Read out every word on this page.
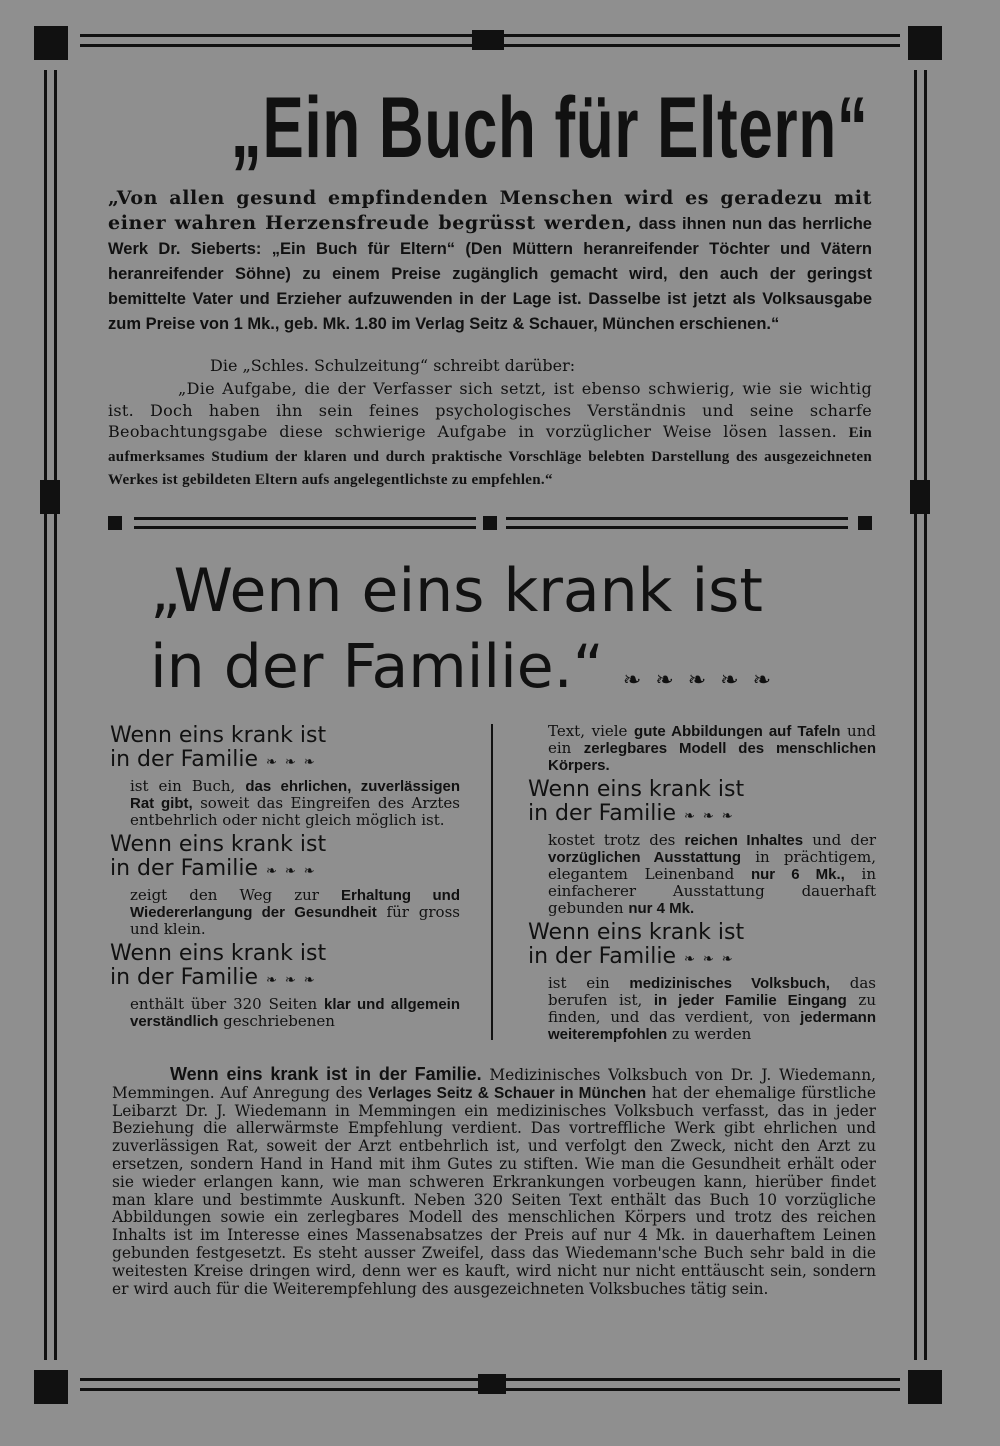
„Ein Buch für Eltern“
„Von allen gesund empfindenden Menschen wird es geradezu mit einer wahren Herzensfreude begrüsst werden, dass ihnen nun das herrliche Werk Dr. Sieberts: „Ein Buch für Eltern“ (Den Müttern heranreifender Töchter und Vätern heranreifender Söhne) zu einem Preise zugänglich gemacht wird, den auch der geringst bemittelte Vater und Erzieher aufzuwenden in der Lage ist. Dasselbe ist jetzt als Volksausgabe zum Preise von 1 Mk., geb. Mk. 1.80 im Verlag Seitz & Schauer, München erschienen.“
Die „Schles. Schulzeitung“ schreibt darüber:
„Die Aufgabe, die der Verfasser sich setzt, ist ebenso schwierig, wie sie wichtig ist. Doch haben ihn sein feines psychologisches Verständnis und seine scharfe Beobachtungsgabe diese schwierige Aufgabe in vorzüglicher Weise lösen lassen. Ein aufmerksames Studium der klaren und durch praktische Vorschläge belebten Darstellung des ausgezeichneten Werkes ist gebildeten Eltern aufs angelegentlichste zu empfehlen.“
„Wenn eins krank ist
in der Familie.“ ❧❧❧❧❧
Wenn eins krank ist
in der Familie ❧❧❧
ist ein Buch, das ehrlichen, zuverlässigen Rat gibt, soweit das Eingreifen des Arztes entbehrlich oder nicht gleich möglich ist.
Wenn eins krank ist
in der Familie ❧❧❧
zeigt den Weg zur Erhaltung und Wiedererlangung der Gesundheit für gross und klein.
Wenn eins krank ist
in der Familie ❧❧❧
enthält über 320 Seiten klar und allgemein verständlich geschriebenen
Text, viele gute Abbildungen auf Tafeln und ein zerlegbares Modell des menschlichen Körpers.
Wenn eins krank ist
in der Familie ❧❧❧
kostet trotz des reichen Inhaltes und der vorzüglichen Ausstattung in prächtigem, elegantem Leinenband nur 6 Mk., in einfacherer Ausstattung dauerhaft gebunden nur 4 Mk.
Wenn eins krank ist
in der Familie ❧❧❧
ist ein medizinisches Volksbuch, das berufen ist, in jeder Familie Eingang zu finden, und das verdient, von jedermann weiterempfohlen zu werden
Wenn eins krank ist in der Familie. Medizinisches Volksbuch von Dr. J. Wiedemann, Memmingen. Auf Anregung des Verlages Seitz & Schauer in München hat der ehemalige fürstliche Leibarzt Dr. J. Wiedemann in Memmingen ein medizinisches Volksbuch verfasst, das in jeder Beziehung die allerwärmste Empfehlung verdient. Das vortreffliche Werk gibt ehrlichen und zuverlässigen Rat, soweit der Arzt entbehrlich ist, und verfolgt den Zweck, nicht den Arzt zu ersetzen, sondern Hand in Hand mit ihm Gutes zu stiften. Wie man die Gesundheit erhält oder sie wieder erlangen kann, wie man schweren Erkrankungen vorbeugen kann, hierüber findet man klare und bestimmte Auskunft. Neben 320 Seiten Text enthält das Buch 10 vorzügliche Abbildungen sowie ein zerlegbares Modell des menschlichen Körpers und trotz des reichen Inhalts ist im Interesse eines Massenabsatzes der Preis auf nur 4 Mk. in dauerhaftem Leinen gebunden festgesetzt. Es steht ausser Zweifel, dass das Wiedemann'sche Buch sehr bald in die weitesten Kreise dringen wird, denn wer es kauft, wird nicht nur nicht enttäuscht sein, sondern er wird auch für die Weiterempfehlung des ausgezeichneten Volksbuches tätig sein.
